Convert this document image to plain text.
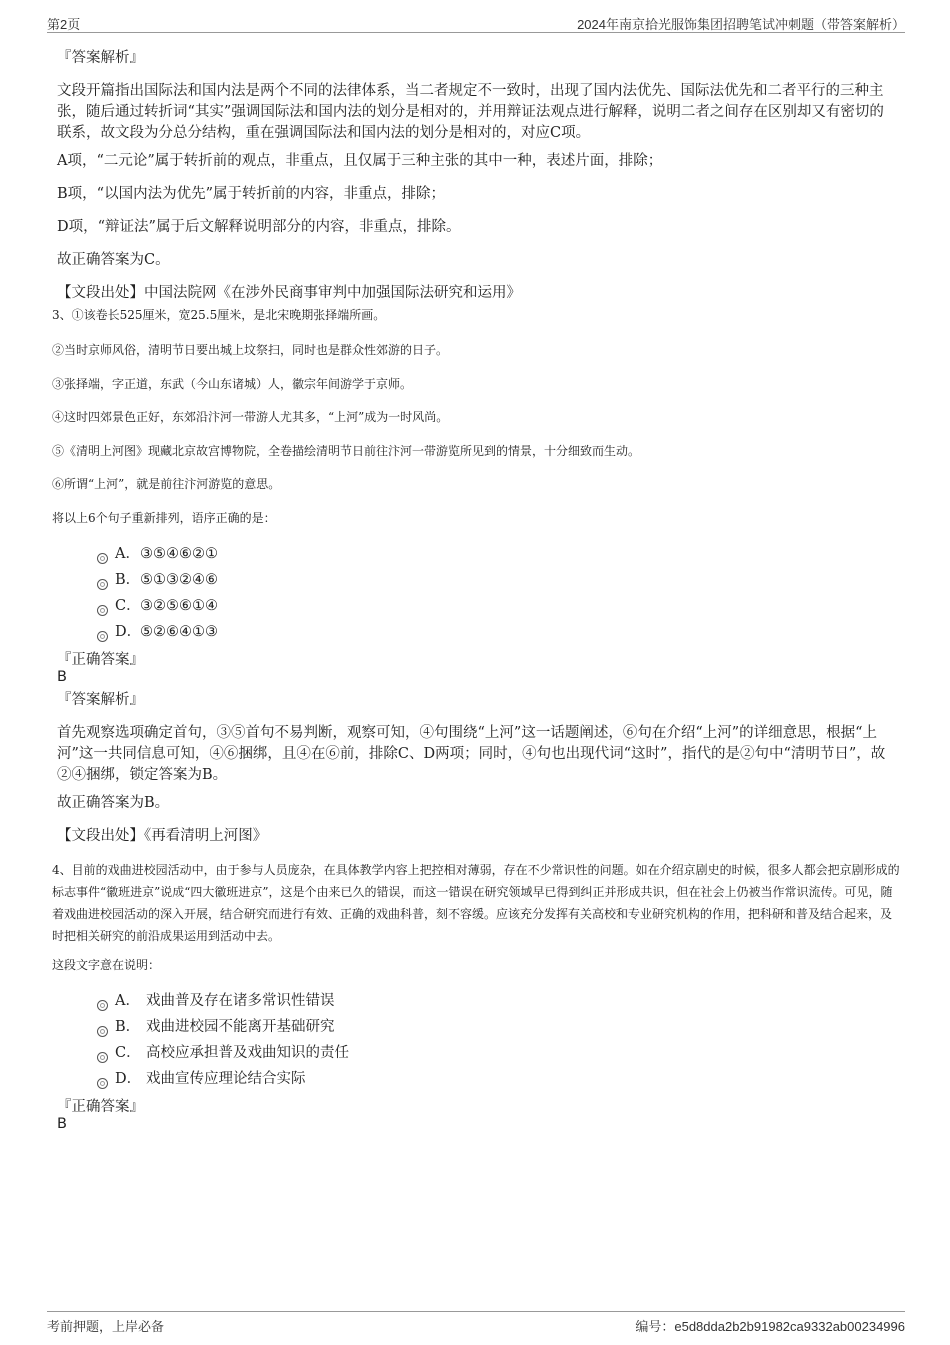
第2页	2024年南京拾光服饰集团招聘笔试冲刺题（带答案解析）

『答案解析』

文段开篇指出国际法和国内法是两个不同的法律体系，当二者规定不一致时，出现了国内法优先、国际法优先和二者平行的三种主张，随后通过转折词“其实”强调国际法和国内法的划分是相对的，并用辩证法观点进行解释，说明二者之间存在区别却又有密切的联系，故文段为分总分结构，重在强调国际法和国内法的划分是相对的，对应C项。

A项，“二元论”属于转折前的观点，非重点，且仅属于三种主张的其中一种，表述片面，排除；

B项，“以国内法为优先”属于转折前的内容，非重点，排除；

D项，“辩证法”属于后文解释说明部分的内容，非重点，排除。

故正确答案为C。

【文段出处】中国法院网《在涉外民商事审判中加强国际法研究和运用》

3、①该卷长525厘米，宽25.5厘米，是北宋晚期张择端所画。

②当时京师风俗，清明节日要出城上坟祭扫，同时也是群众性郊游的日子。

③张择端，字正道，东武（今山东诸城）人，徽宗年间游学于京师。

④这时四郊景色正好，东郊沿汴河一带游人尤其多，“上河”成为一时风尚。

⑤《清明上河图》现藏北京故宫博物院，全卷描绘清明节日前往汴河一带游览所见到的情景，十分细致而生动。

⑥所谓“上河”，就是前往汴河游览的意思。

将以上6个句子重新排列，语序正确的是：

A． ③⑤④⑥②①
B． ⑤①③②④⑥
C． ③②⑤⑥①④
D．
⑤②⑥④①③

『正确答案』

B

『答案解析』

首先观察选项确定首句，③⑤首句不易判断，观察可知，④句围绕“上河”这一话题阐述，⑥句在介绍“上河”的详细意思，根据“上河”这一共同信息可知，④⑥捆绑，且④在⑥前，排除C、D两项；同时，④句也出现代词“这时”，指代的是②句中“清明节日”，故②④捆绑，锁定答案为B。

故正确答案为B。

【文段出处】《再看清明上河图》

4、目前的戏曲进校园活动中，由于参与人员庞杂，在具体教学内容上把控相对薄弱，存在不少常识性的问题。如在介绍京剧史的时候，很多人都会把京剧形成的标志事件“徽班进京”说成“四大徽班进京”，这是个由来已久的错误，而这一错误在研究领域早已得到纠正并形成共识，但在社会上仍被当作常识流传。可见，随着戏曲进校园活动的深入开展，结合研究而进行有效、正确的戏曲科普，刻不容缓。应该充分发挥有关高校和专业研究机构的作用，把科研和普及结合起来，及时把相关研究的前沿成果运用到活动中去。

这段文字意在说明：

A． 戏曲普及存在诸多常识性错误
B． 戏曲进校园不能离开基础研究
C． 高校应承担普及戏曲知识的责任
D． 戏曲宣传应理论结合实际

『正确答案』

B

考前押题，上岸必备	编号：e5d8dda2b2b91982ca9332ab00234996
